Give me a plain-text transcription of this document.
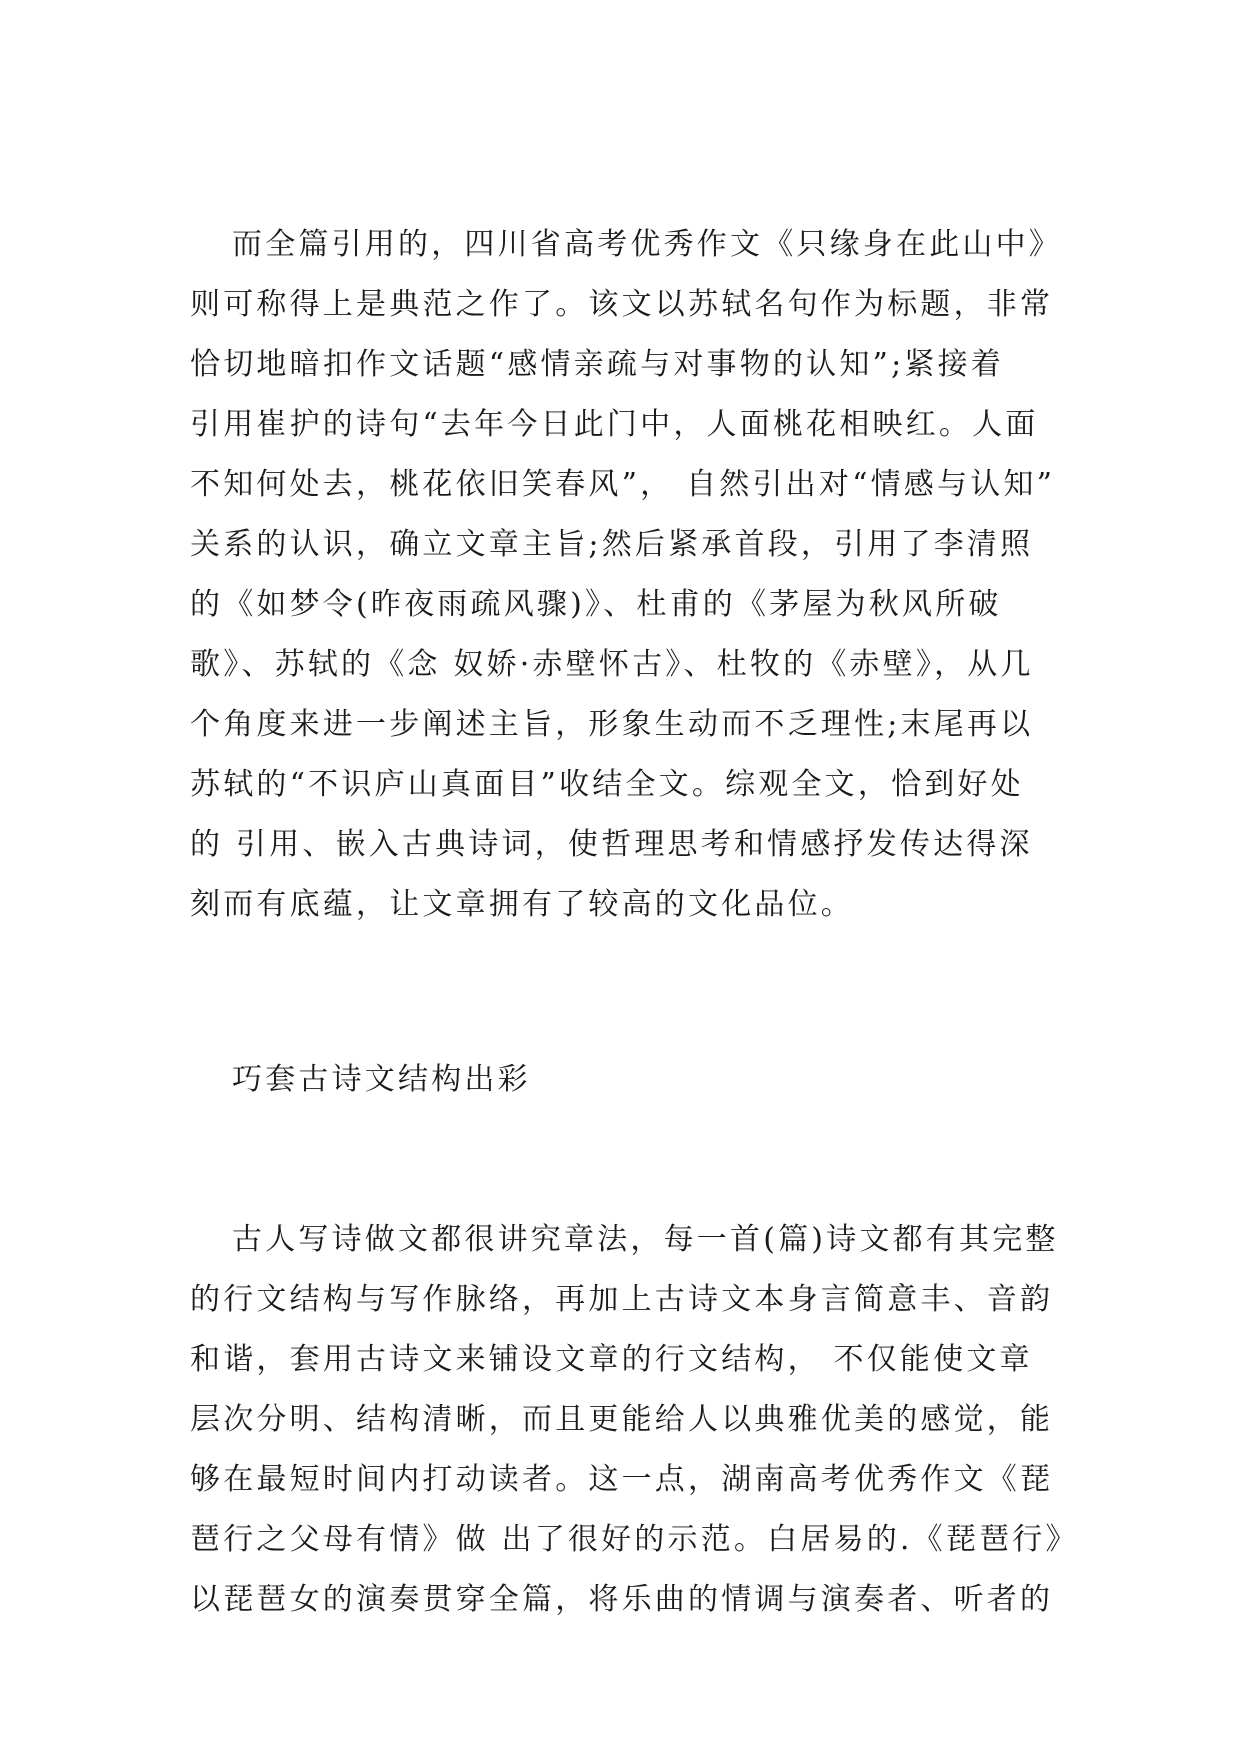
而全篇引用的，四川省高考优秀作文《只缘身在此山中》
则可称得上是典范之作了。该文以苏轼名句作为标题，非常
恰切地暗扣作文话题“感情亲疏与对事物的认知”;紧接着
引用崔护的诗句“去年今日此门中，人面桃花相映红。人面
不知何处去，桃花依旧笑春风”， 自然引出对“情感与认知”
关系的认识，确立文章主旨;然后紧承首段，引用了李清照
的《如梦令(昨夜雨疏风骤)》、杜甫的《茅屋为秋风所破
歌》、苏轼的《念 奴娇·赤壁怀古》、杜牧的《赤壁》，从几
个角度来进一步阐述主旨，形象生动而不乏理性;末尾再以
苏轼的“不识庐山真面目”收结全文。综观全文，恰到好处
的 引用、嵌入古典诗词，使哲理思考和情感抒发传达得深
刻而有底蕴，让文章拥有了较高的文化品位。
巧套古诗文结构出彩
古人写诗做文都很讲究章法，每一首(篇)诗文都有其完整
的行文结构与写作脉络，再加上古诗文本身言简意丰、音韵
和谐，套用古诗文来铺设文章的行文结构， 不仅能使文章
层次分明、结构清晰，而且更能给人以典雅优美的感觉，能
够在最短时间内打动读者。这一点，湖南高考优秀作文《琵
琶行之父母有情》做 出了很好的示范。白居易的.《琵琶行》
以琵琶女的演奏贯穿全篇，将乐曲的情调与演奏者、听者的
